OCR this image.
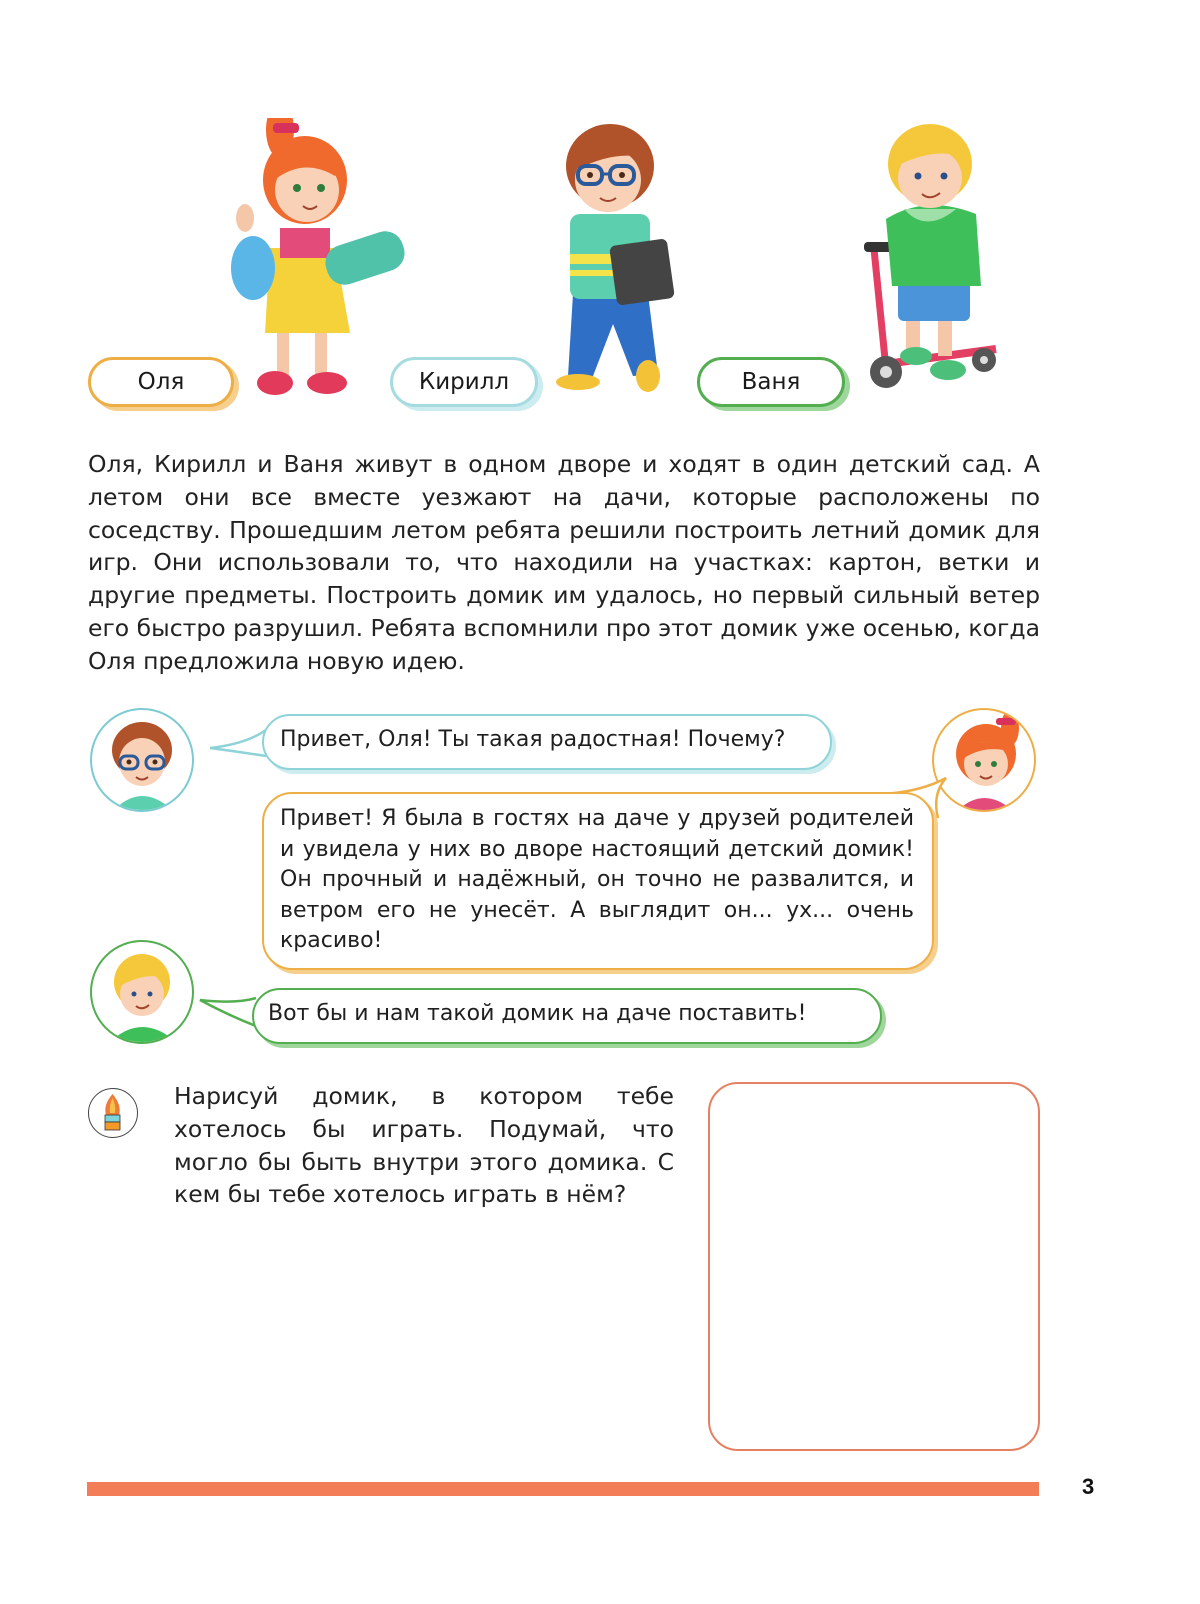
Оля	Кирилл	Ваня

Оля, Кирилл и Ваня живут в одном дворе и ходят в один детский сад. А летом они все вместе уезжают на дачи, которые расположены по соседству. Прошедшим летом ребята решили построить летний домик для игр. Они использовали то, что находили на участках: картон, ветки и другие предметы. Построить домик им удалось, но первый сильный ветер его быстро разрушил. Ребята вспомнили про этот домик уже осенью, когда Оля предложила новую идею.

Привет, Оля! Ты такая радостная! Почему?
Привет! Я была в гостях на даче у друзей родителей и увидела у них во дворе настоящий детский домик! Он прочный и надёжный, он точно не развалится, и ветром его не унесёт. А выглядит он... ух... очень красиво!
Вот бы и нам такой домик на даче поставить!

Нарисуй домик, в котором тебе хотелось бы играть. Подумай, что могло бы быть внутри этого домика. С кем бы тебе хотелось играть в нём?

3
